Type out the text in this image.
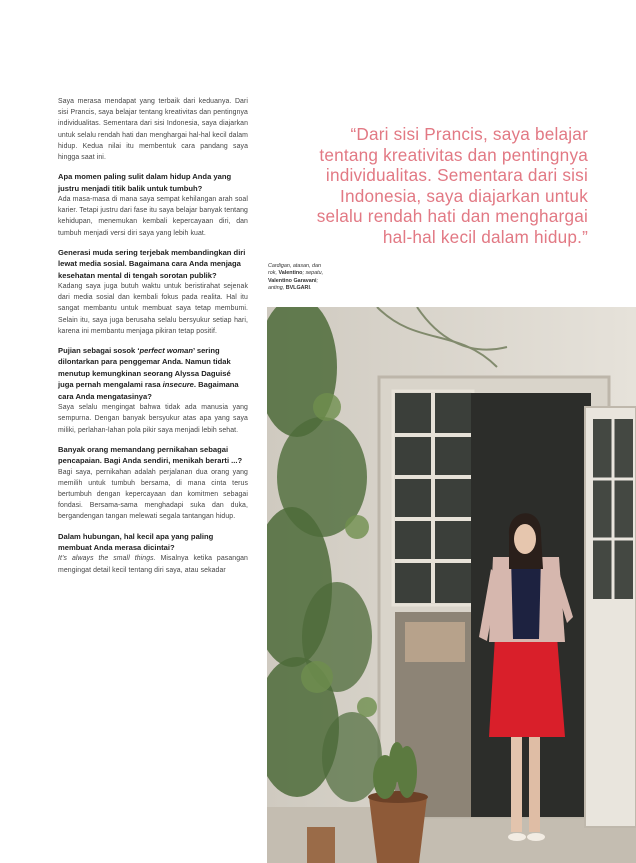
Saya merasa mendapat yang terbaik dari keduanya. Dari sisi Prancis, saya belajar tentang kreativitas dan pentingnya individualitas. Sementara dari sisi Indonesia, saya diajarkan untuk selalu rendah hati dan menghargai hal-hal kecil dalam hidup. Kedua nilai itu membentuk cara pandang saya hingga saat ini.

Apa momen paling sulit dalam hidup Anda yang justru menjadi titik balik untuk tumbuh?

Ada masa-masa di mana saya sempat kehilangan arah soal karier. Tetapi justru dari fase itu saya belajar banyak tentang kehidupan, menemukan kembali kepercayaan diri, dan tumbuh menjadi versi diri saya yang lebih kuat.

Generasi muda sering terjebak membandingkan diri lewat media sosial. Bagaimana cara Anda menjaga kesehatan mental di tengah sorotan publik?

Kadang saya juga butuh waktu untuk beristirahat sejenak dari media sosial dan kembali fokus pada realita. Hal itu sangat membantu untuk membuat saya tetap membumi. Selain itu, saya juga berusaha selalu bersyukur setiap hari, karena ini membantu menjaga pikiran tetap positif.

Pujian sebagai sosok ‘perfect woman’ sering dilontarkan para penggemar Anda. Namun tidak menutup kemungkinan seorang Alyssa Daguisé juga pernah mengalami rasa insecure. Bagaimana cara Anda mengatasinya?

Saya selalu mengingat bahwa tidak ada manusia yang sempurna. Dengan banyak bersyukur atas apa yang saya miliki, perlahan-lahan pola pikir saya menjadi lebih sehat.

Banyak orang memandang pernikahan sebagai pencapaian. Bagi Anda sendiri, menikah berarti ...?

Bagi saya, pernikahan adalah perjalanan dua orang yang memilih untuk tumbuh bersama, di mana cinta terus bertumbuh dengan kepercayaan dan komitmen sebagai fondasi. Bersama-sama menghadapi suka dan duka, bergandengan tangan melewati segala tantangan hidup.

Dalam hubungan, hal kecil apa yang paling membuat Anda merasa dicintai?

It’s always the small things. Misalnya ketika pasangan mengingat detail kecil tentang diri saya, atau sekadar

“Dari sisi Prancis, saya belajar tentang kreativitas dan pentingnya individualitas. Sementara dari sisi Indonesia, saya diajarkan untuk selalu rendah hati dan menghargai hal-hal kecil dalam hidup.”
Cardigan, atasan, dan rok, Valentino; sepatu, Valentino Garavani; anting, BVLGARI.
